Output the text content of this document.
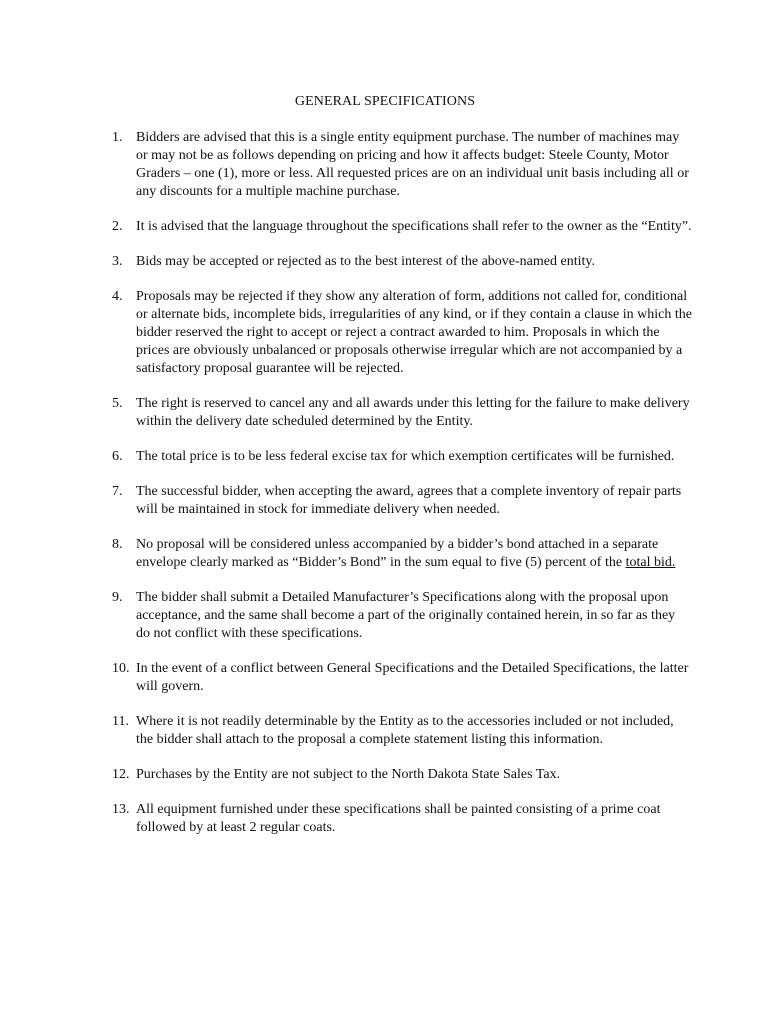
GENERAL SPECIFICATIONS
1. Bidders are advised that this is a single entity equipment purchase. The number of machines may or may not be as follows depending on pricing and how it affects budget: Steele County, Motor Graders – one (1), more or less. All requested prices are on an individual unit basis including all or any discounts for a multiple machine purchase.
2. It is advised that the language throughout the specifications shall refer to the owner as the “Entity”.
3. Bids may be accepted or rejected as to the best interest of the above-named entity.
4. Proposals may be rejected if they show any alteration of form, additions not called for, conditional or alternate bids, incomplete bids, irregularities of any kind, or if they contain a clause in which the bidder reserved the right to accept or reject a contract awarded to him. Proposals in which the prices are obviously unbalanced or proposals otherwise irregular which are not accompanied by a satisfactory proposal guarantee will be rejected.
5. The right is reserved to cancel any and all awards under this letting for the failure to make delivery within the delivery date scheduled determined by the Entity.
6. The total price is to be less federal excise tax for which exemption certificates will be furnished.
7. The successful bidder, when accepting the award, agrees that a complete inventory of repair parts will be maintained in stock for immediate delivery when needed.
8. No proposal will be considered unless accompanied by a bidder’s bond attached in a separate envelope clearly marked as “Bidder’s Bond” in the sum equal to five (5) percent of the total bid.
9. The bidder shall submit a Detailed Manufacturer’s Specifications along with the proposal upon acceptance, and the same shall become a part of the originally contained herein, in so far as they do not conflict with these specifications.
10. In the event of a conflict between General Specifications and the Detailed Specifications, the latter will govern.
11. Where it is not readily determinable by the Entity as to the accessories included or not included, the bidder shall attach to the proposal a complete statement listing this information.
12. Purchases by the Entity are not subject to the North Dakota State Sales Tax.
13. All equipment furnished under these specifications shall be painted consisting of a prime coat followed by at least 2 regular coats.
